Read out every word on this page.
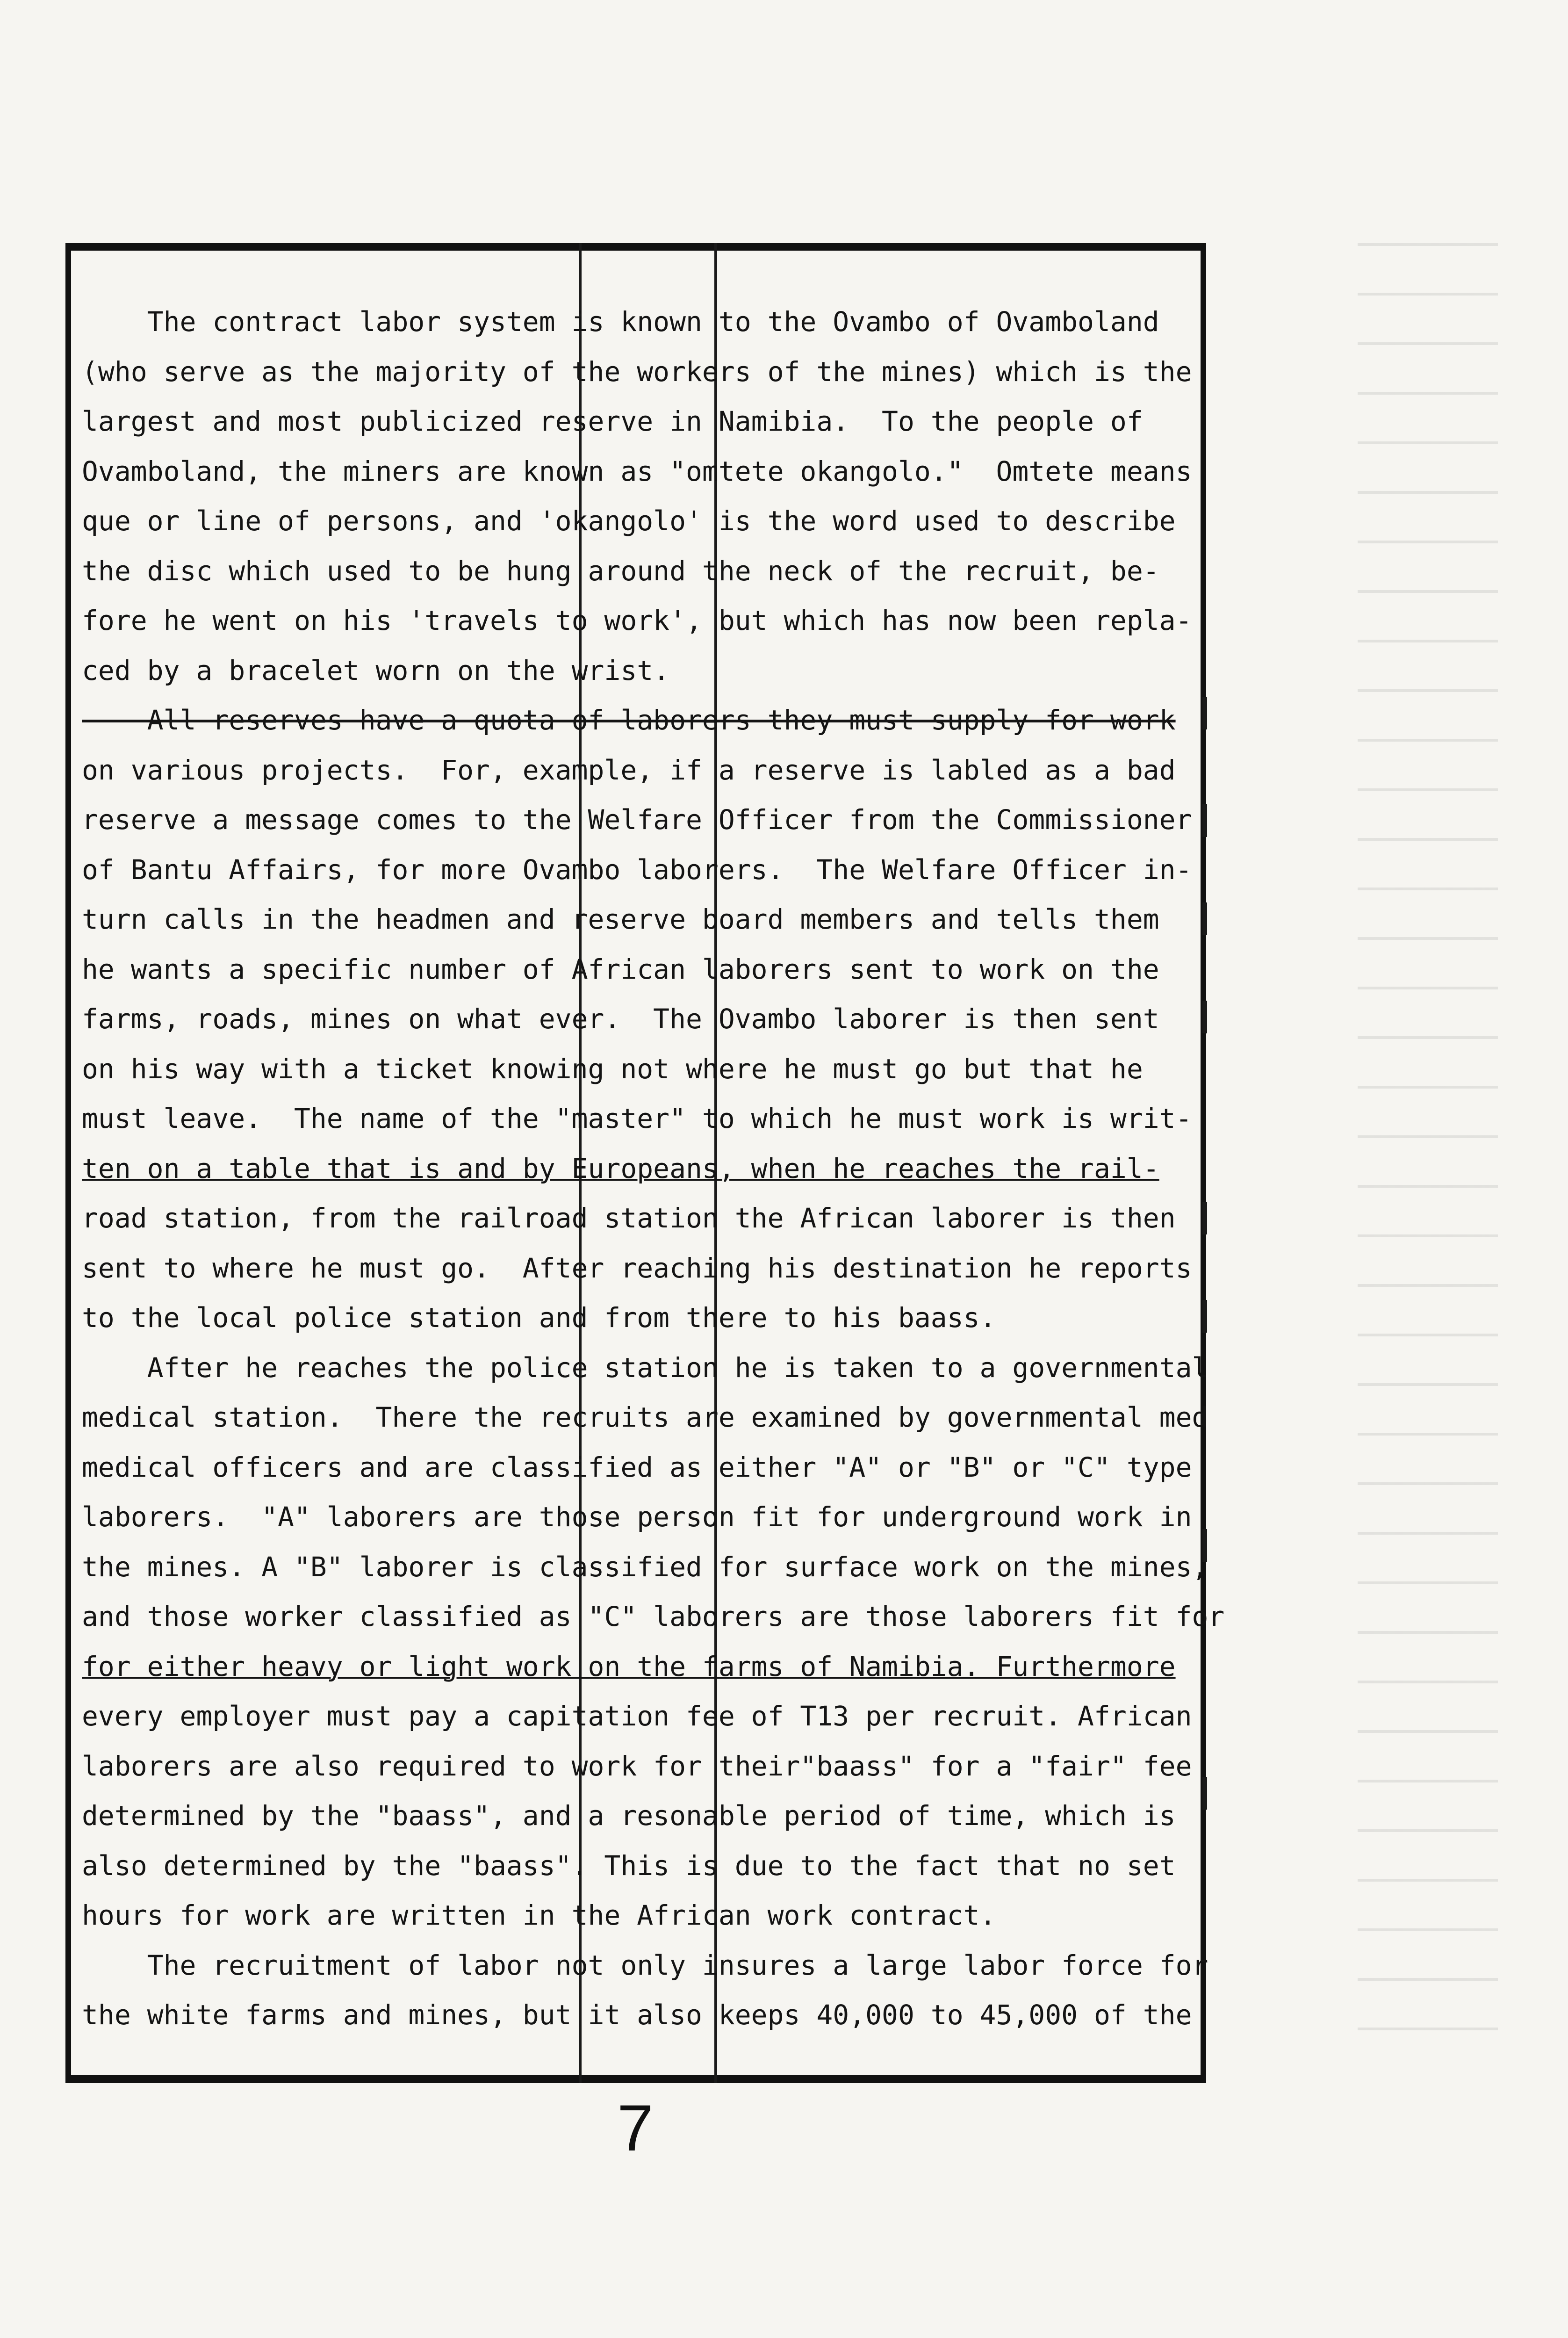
The contract labor system is known to the Ovambo of Ovamboland
(who serve as the majority of the workers of the mines) which is the
largest and most publicized reserve in Namibia.  To the people of
Ovamboland, the miners are known as "omtete okangolo."  Omtete means
que or line of persons, and 'okangolo' is the word used to describe
the disc which used to be hung around the neck of the recruit, be-
fore he went on his 'travels to work', but which has now been repla-
ced by a bracelet worn on the wrist.
All reserves have a quota of laborers they must supply for work
on various projects.  For, example, if a reserve is labled as a bad
reserve a message comes to the Welfare Officer from the Commissioner
of Bantu Affairs, for more Ovambo laborers.  The Welfare Officer in-
turn calls in the headmen and reserve board members and tells them
he wants a specific number of African laborers sent to work on the
farms, roads, mines on what ever.  The Ovambo laborer is then sent
on his way with a ticket knowing not where he must go but that he
must leave.  The name of the "master" to which he must work is writ-
ten on a table that is and by Europeans, when he reaches the rail-
road station, from the railroad station the African laborer is then
sent to where he must go.  After reaching his destination he reports
to the local police station and from there to his baass.
After he reaches the police station he is taken to a governmental
medical station.  There the recruits are examined by governmental med
medical officers and are classified as either "A" or "B" or "C" type
laborers.  "A" laborers are those person fit for underground work in
the mines. A "B" laborer is classified for surface work on the mines,
and those worker classified as "C" laborers are those laborers fit for
for either heavy or light work on the farms of Namibia. Furthermore
every employer must pay a capitation fee of T13 per recruit. African
laborers are also required to work for their"baass" for a "fair" fee
determined by the "baass", and a resonable period of time, which is
also determined by the "baass". This is due to the fact that no set
hours for work are written in the African work contract.
The recruitment of labor not only insures a large labor force for
the white farms and mines, but it also keeps 40,000 to 45,000 of the
7
